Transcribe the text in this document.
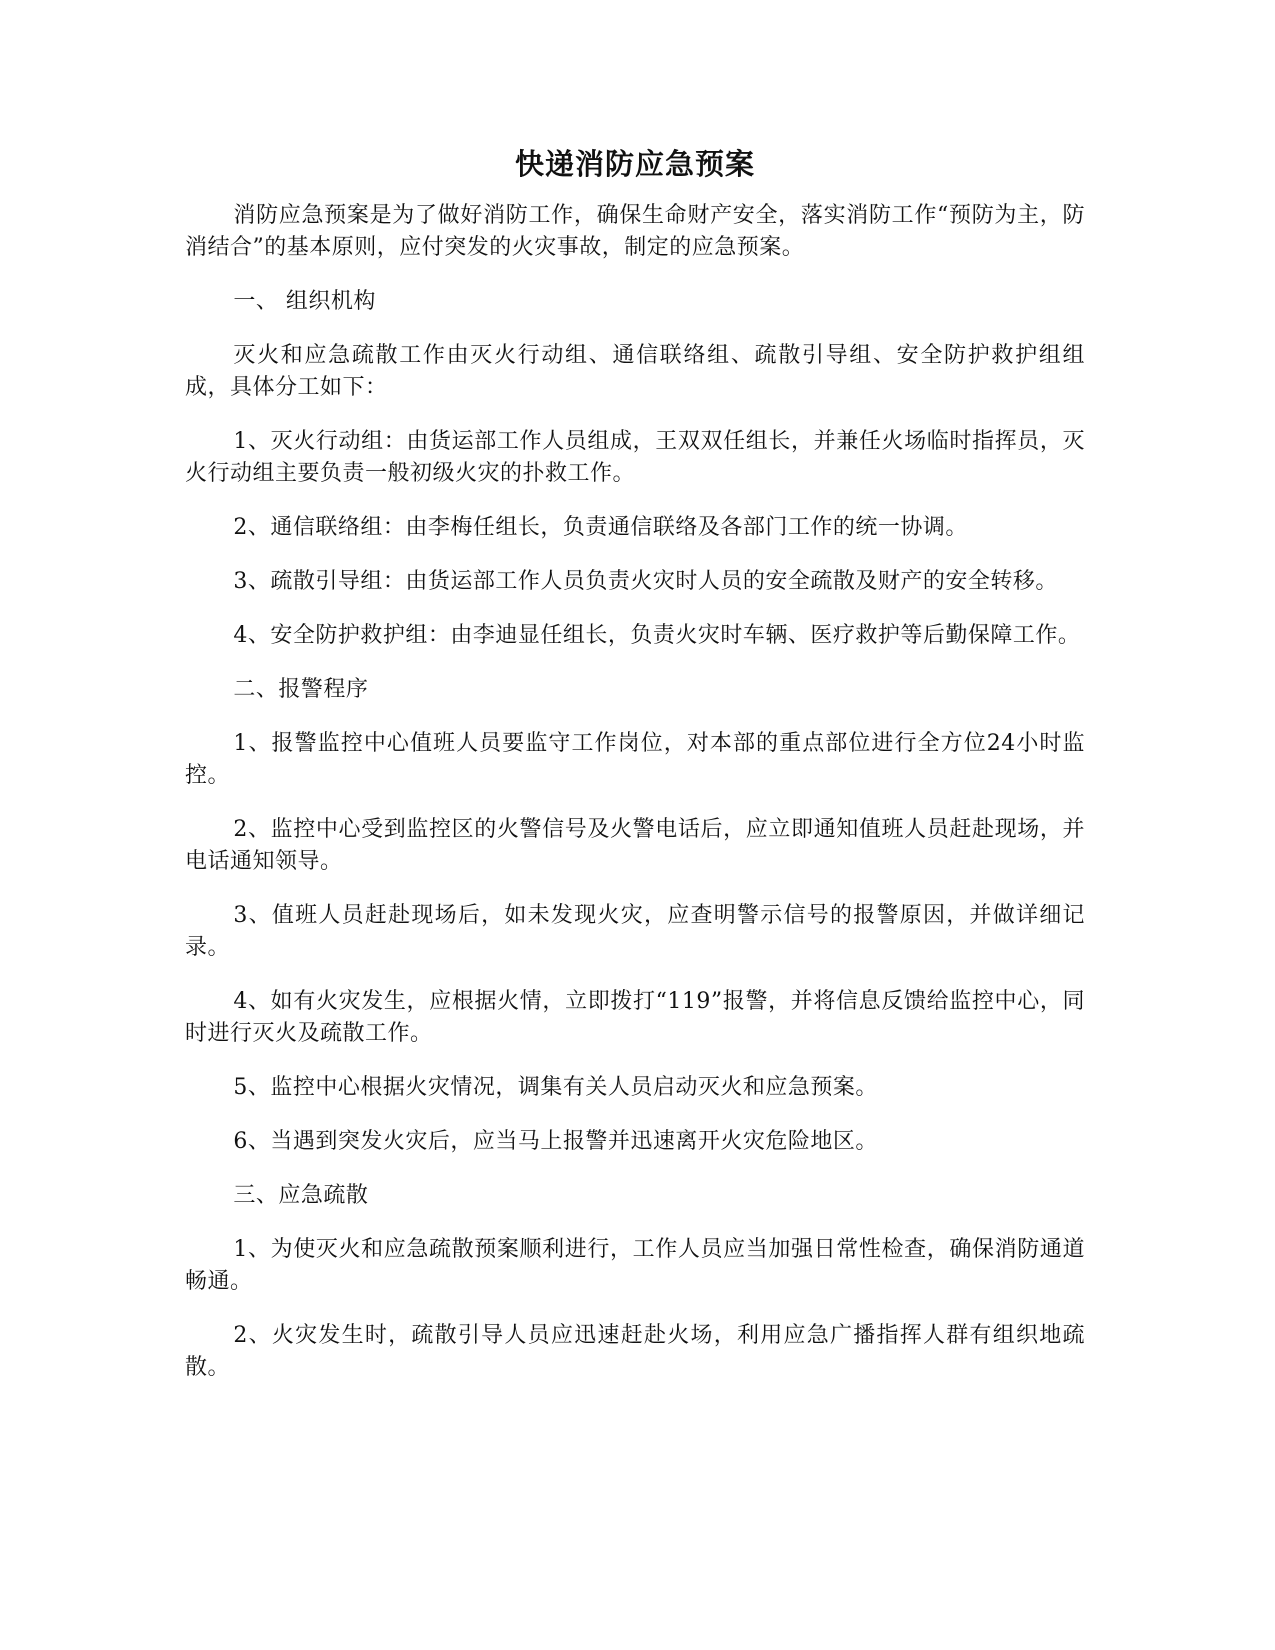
快递消防应急预案

消防应急预案是为了做好消防工作，确保生命财产安全，落实消防工作“预防为主，防消结合”的基本原则，应付突发的火灾事故，制定的应急预案。

一、 组织机构

灭火和应急疏散工作由灭火行动组、通信联络组、疏散引导组、安全防护救护组组成，具体分工如下：

1、灭火行动组：由货运部工作人员组成，王双双任组长，并兼任火场临时指挥员，灭火行动组主要负责一般初级火灾的扑救工作。

2、通信联络组：由李梅任组长，负责通信联络及各部门工作的统一协调。

3、疏散引导组：由货运部工作人员负责火灾时人员的安全疏散及财产的安全转移。

4、安全防护救护组：由李迪显任组长，负责火灾时车辆、医疗救护等后勤保障工作。

二、报警程序

1、报警监控中心值班人员要监守工作岗位，对本部的重点部位进行全方位24小时监控。

2、监控中心受到监控区的火警信号及火警电话后，应立即通知值班人员赶赴现场，并电话通知领导。

3、值班人员赶赴现场后，如未发现火灾，应查明警示信号的报警原因，并做详细记录。

4、如有火灾发生，应根据火情，立即拨打“119”报警，并将信息反馈给监控中心，同时进行灭火及疏散工作。

5、监控中心根据火灾情况，调集有关人员启动灭火和应急预案。

6、当遇到突发火灾后，应当马上报警并迅速离开火灾危险地区。

三、应急疏散

1、为使灭火和应急疏散预案顺利进行，工作人员应当加强日常性检查，确保消防通道畅通。

2、火灾发生时，疏散引导人员应迅速赶赴火场，利用应急广播指挥人群有组织地疏散。
